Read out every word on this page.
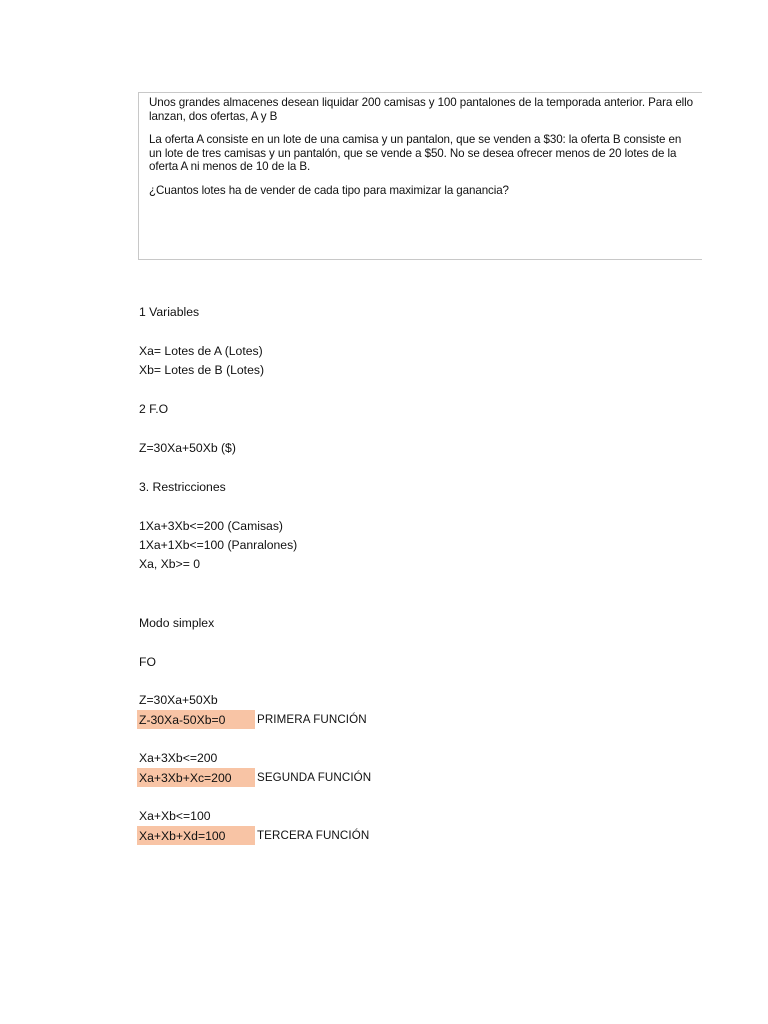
Unos grandes almacenes desean liquidar 200 camisas y 100 pantalones de la temporada anterior. Para ello lanzan, dos ofertas, A y B

La oferta A consiste en un lote de una camisa y un pantalon, que se venden a $30: la oferta B consiste en un lote de tres camisas y un pantalón, que se vende a $50. No se desea ofrecer menos de 20 lotes de la oferta A ni menos de 10 de la B.

¿Cuantos lotes ha de vender de cada tipo para maximizar la ganancia?

1 Variables
Xa= Lotes de A (Lotes)
Xb= Lotes de B (Lotes)
2 F.O
Z=30Xa+50Xb ($)
3. Restricciones
1Xa+3Xb<=200 (Camisas)
1Xa+1Xb<=100 (Panralones)
Xa, Xb>= 0
Modo simplex
FO
Z=30Xa+50Xb
Z-30Xa-50Xb=0	PRIMERA FUNCIÓN
Xa+3Xb<=200
Xa+3Xb+Xc=200 SEGUNDA FUNCIÓN
Xa+Xb<=100
Xa+Xb+Xd=100	TERCERA FUNCIÓN
